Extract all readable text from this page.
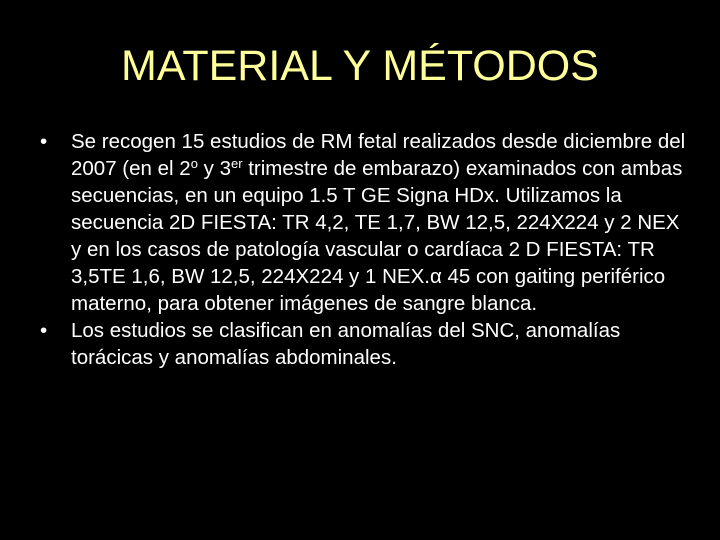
MATERIAL Y MÉTODOS
•	Se recogen 15 estudios de RM fetal realizados desde diciembre del 2007 (en el 2$^o$ y 3er trimestre de embarazo) examinados con ambas secuencias, en un equipo 1.5 T GE Signa HDx. Utilizamos la secuencia 2D FIESTA: TR 4,2, TE 1,7, BW 12,5, 224X224 y 2 NEX y en los casos de patología vascular o cardíaca 2 D FIESTA: TR 3,5TE 1,6, BW 12,5, 224X224 y 1 NEX.α 45 con gaiting periférico materno, para obtener imágenes de sangre blanca.
•	Los estudios se clasifican en anomalías del SNC, anomalías torácicas y anomalías abdominales.
